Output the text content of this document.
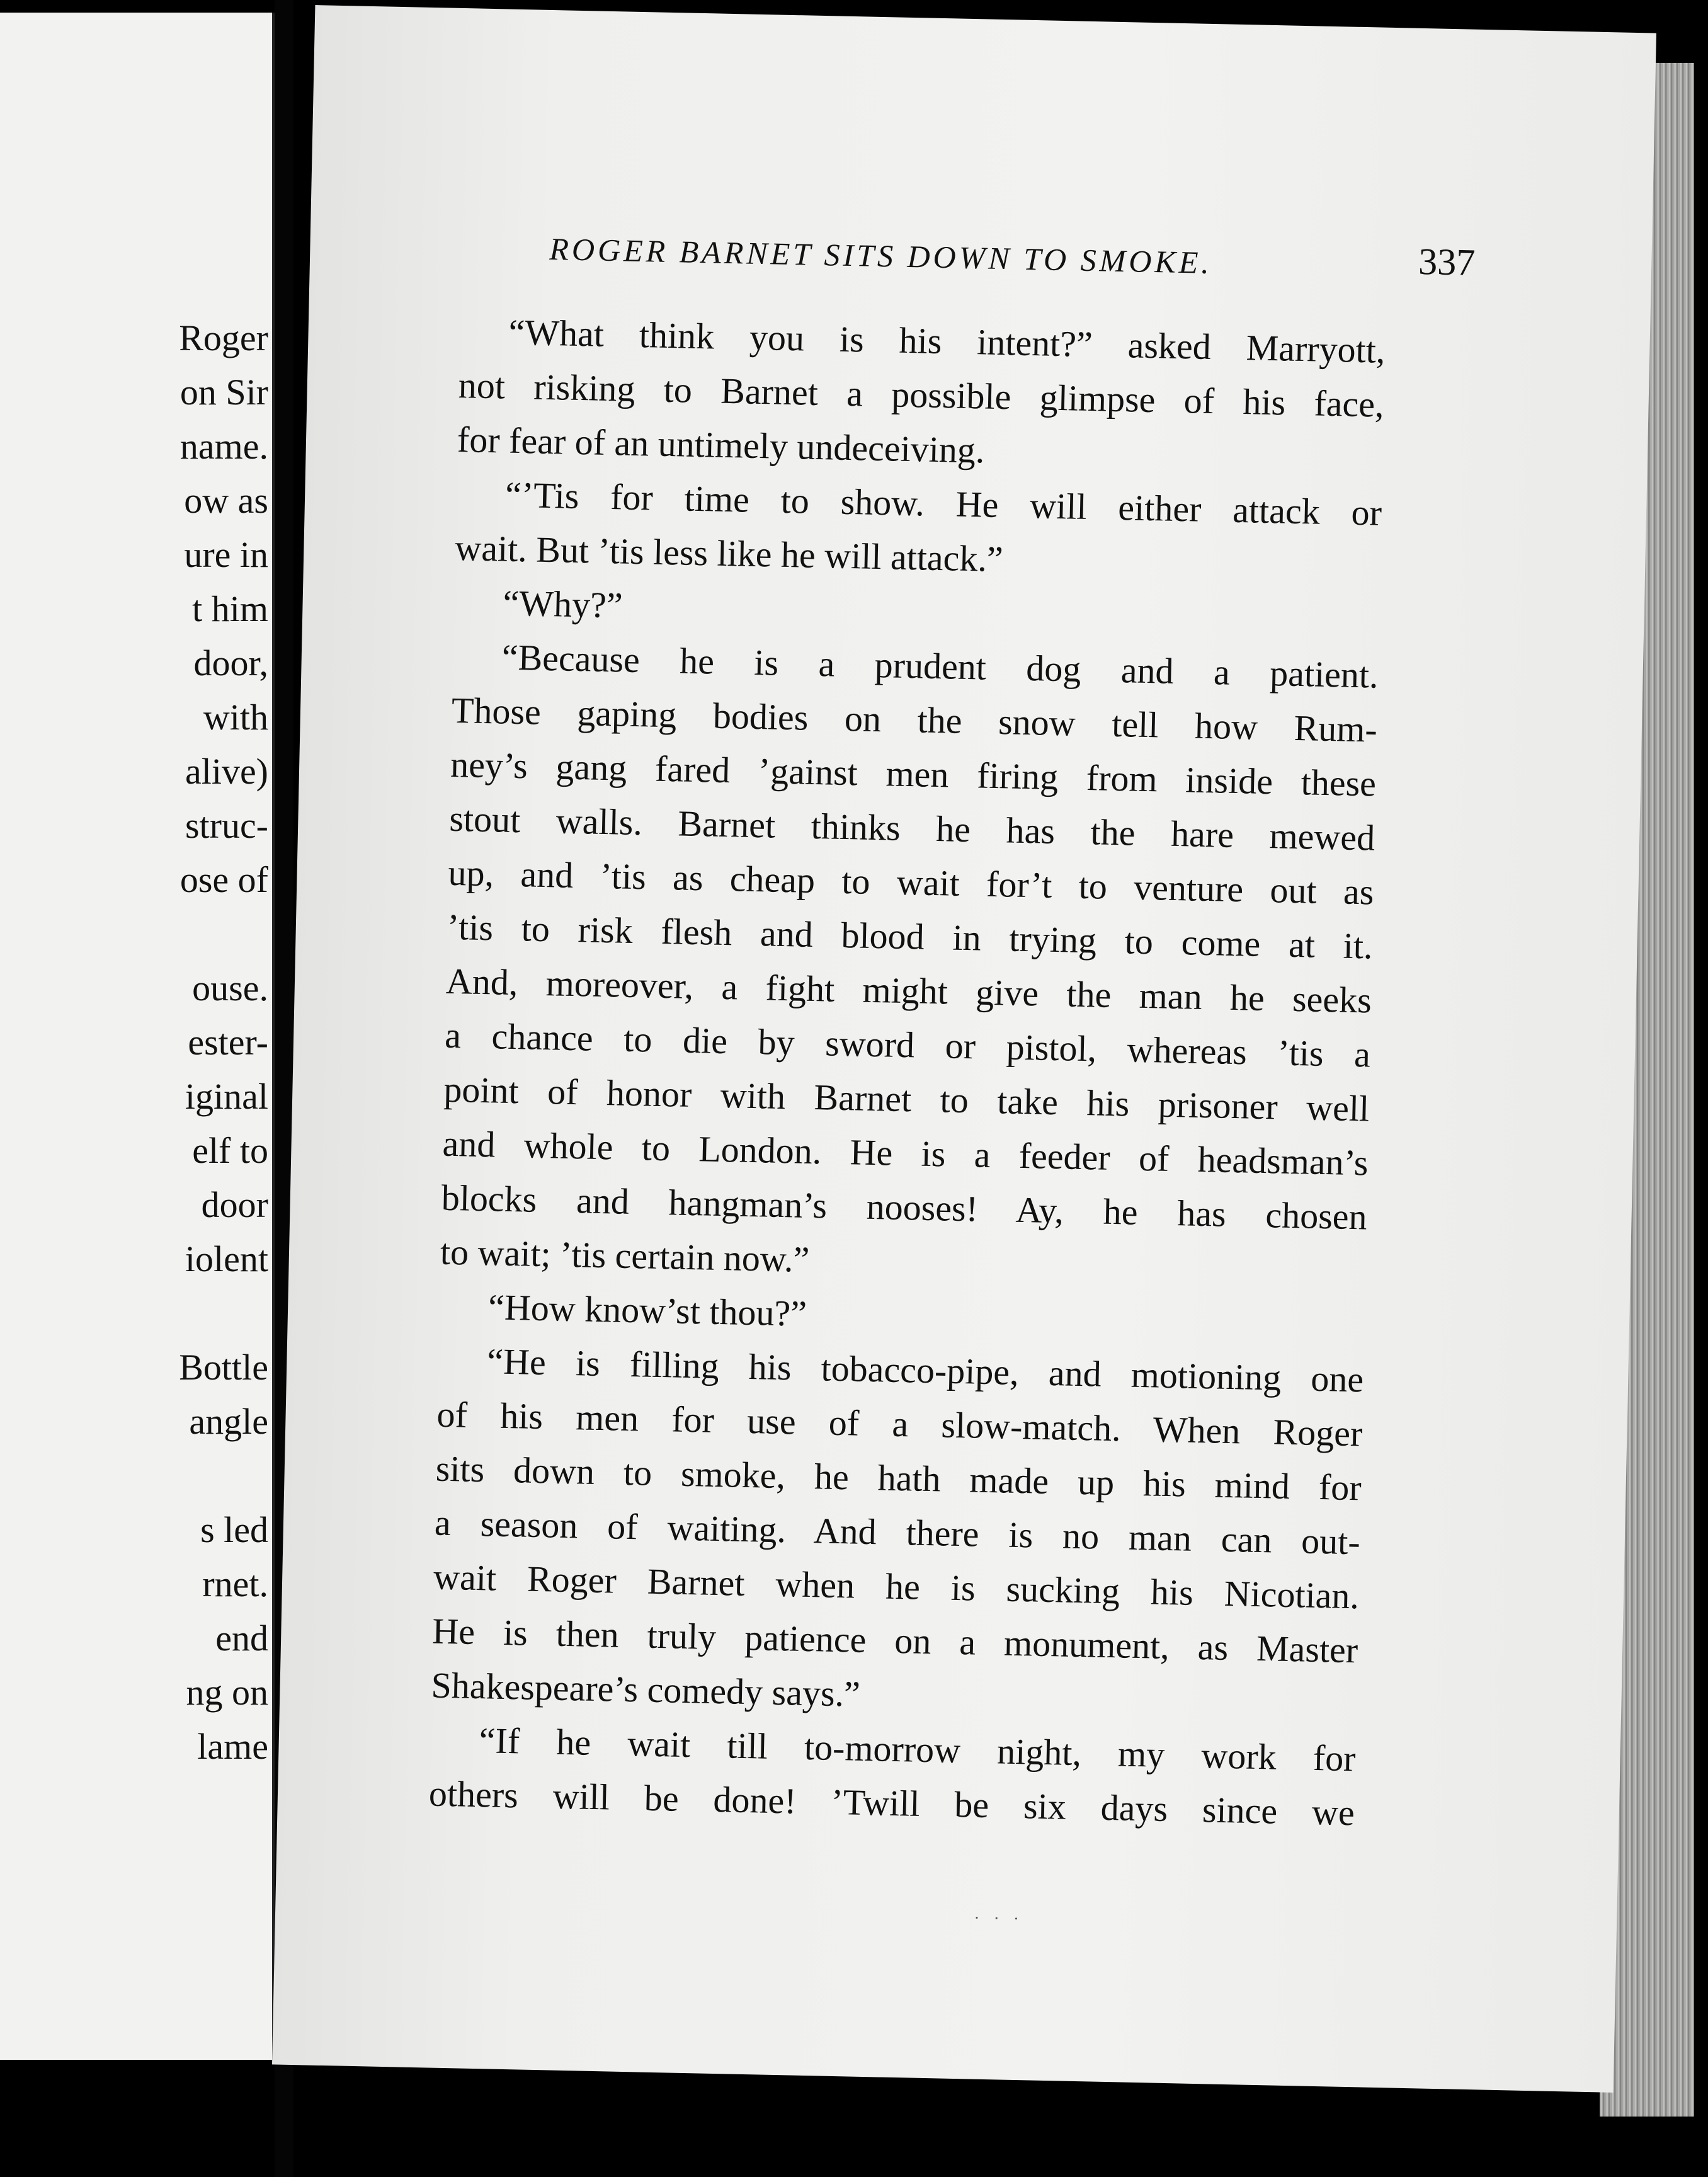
Roger
on Sir
name.
ow as
ure in
t him
door,
with
alive)
struc-
ose of
ouse.
ester-
iginal
elf to
door
iolent
Bottle
angle
s led
rnet.
end
ng on
lame
ROGER BARNET SITS DOWN TO SMOKE.	337
“What think you is his intent?” asked Marryott,
not risking to Barnet a possible glimpse of his face,
for fear of an untimely undeceiving.
“’Tis for time to show. He will either attack or
wait. But ’tis less like he will attack.”
“Why?”
“Because he is a prudent dog and a patient.
Those gaping bodies on the snow tell how Rum-
ney’s gang fared ’gainst men firing from inside these
stout walls. Barnet thinks he has the hare mewed
up, and ’tis as cheap to wait for’t to venture out as
’tis to risk flesh and blood in trying to come at it.
And, moreover, a fight might give the man he seeks
a chance to die by sword or pistol, whereas ’tis a
point of honor with Barnet to take his prisoner well
and whole to London. He is a feeder of headsman’s
blocks and hangman’s nooses! Ay, he has chosen
to wait; ’tis certain now.”
“How know’st thou?”
“He is filling his tobacco-pipe, and motioning one
of his men for use of a slow-match. When Roger
sits down to smoke, he hath made up his mind for
a season of waiting. And there is no man can out-
wait Roger Barnet when he is sucking his Nicotian.
He is then truly patience on a monument, as Master
Shakespeare’s comedy says.”
“If he wait till to-morrow night, my work for
others will be done! ’Twill be six days since we
· · ·
